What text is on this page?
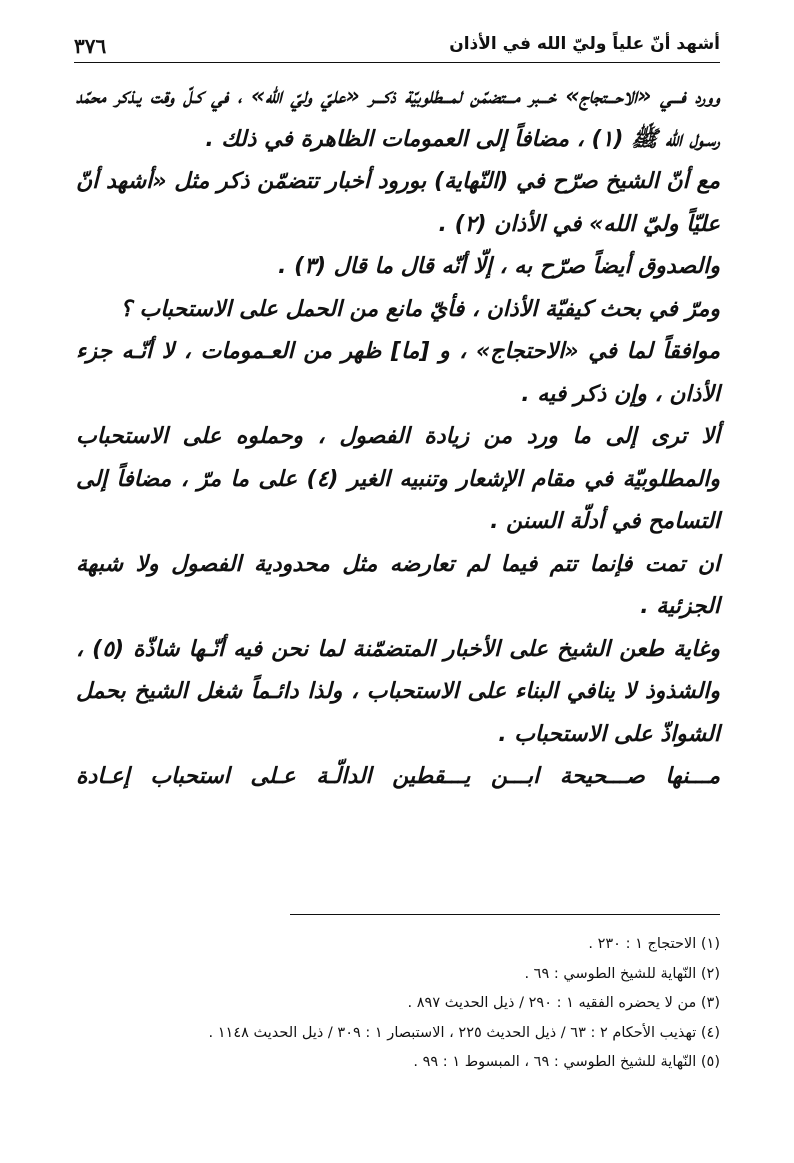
٣٧٦	أشهد أنّ علياً وليّ الله في الأذان

وورد فـــي «الاحـــتجاج» خـــبر مـــتضمّن لمـــطلوبيّة ذكـــر «عليّ وليّ الله» ، في كـلّ وقت يـذكر محمّد رسـول الله ﷺ (١) ، مضافاً إلى العمومات الظاهرة في ذلك .

مع أنّ الشيخ صرّح في (النّهاية) بورود أخبار تتضمّن ذكر مثل «أشهد أنّ عليّاً وليّ الله» في الأذان (٢) .

والصدوق أيضاً صرّح به ، إلّا أنّه قال ما قال (٣) .

ومرّ في بحث كيفيّة الأذان ، فأيّ مانع من الحمل على الاستحباب ؟

موافقاً لما في «الاحتجاج» ، و [ما] ظهر من العـمومات ، لا أنّـه جزء الأذان ، وإن ذكر فيه .

ألا ترى إلى ما ورد من زيادة الفصول ، وحملوه على الاستحباب والمطلوبيّة في مقام الإشعار وتنبيه الغير (٤) على ما مرّ ، مضافاً إلى التسامح في أدلّة السنن .

ان تمت فإنما تتم فيما لم تعارضه مثل محدودية الفصول ولا شبهة الجزئية .

وغاية طعن الشيخ على الأخبار المتضمّنة لما نحن فيه أنّـها شاذّة (٥) ، والشذوذ لا ينافي البناء على الاستحباب ، ولذا دائـماً شغل الشيخ بحمل الشواذّ على الاستحباب .

مـــنها صـــحيحة ابـــن يـــقطين الدالّـة عـلى استحباب إعـادة

(١) الاحتجاج ١ : ٢٣٠ .
(٢) النّهاية للشيخ الطوسي : ٦٩ .
(٣) من لا يحضره الفقيه ١ : ٢٩٠ / ذيل الحديث ٨٩٧ .
(٤) تهذيب الأحكام ٢ : ٦٣ / ذيل الحديث ٢٢٥ ، الاستبصار ١ : ٣٠٩ / ذيل الحديث ١١٤٨ .
(٥) النّهاية للشيخ الطوسي : ٦٩ ، المبسوط ١ : ٩٩ .
